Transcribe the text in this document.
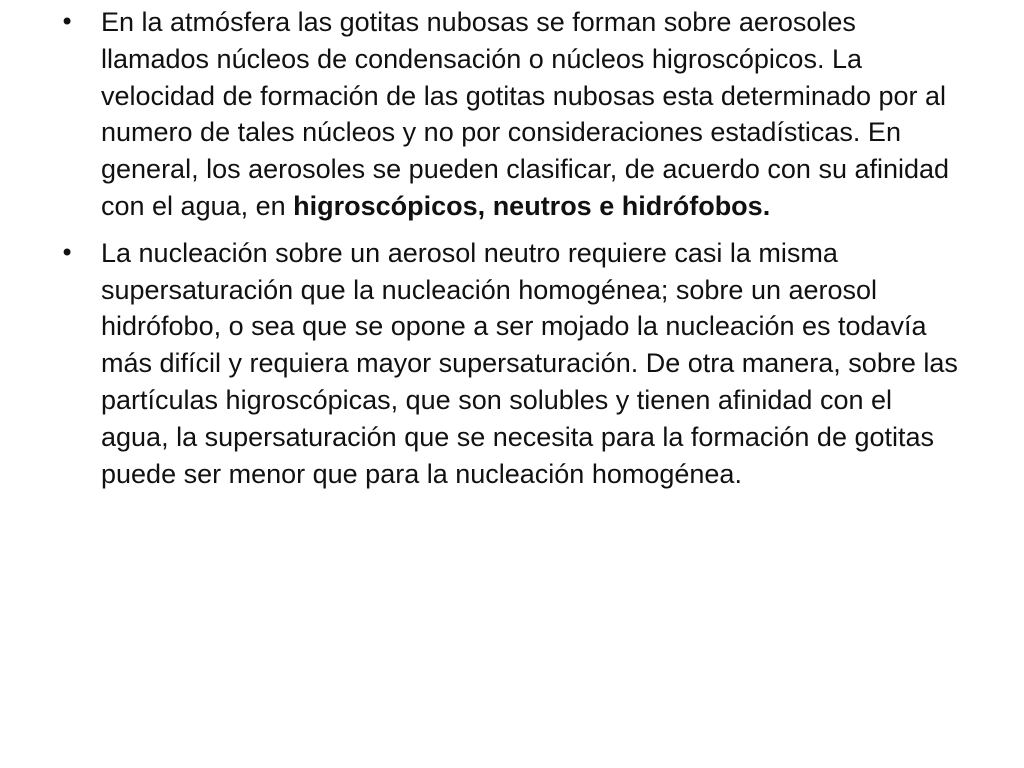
• En la atmósfera las gotitas nubosas se forman sobre aerosoles llamados núcleos de condensación o núcleos higroscópicos. La velocidad de formación de las gotitas nubosas esta determinado por al numero de tales núcleos y no por consideraciones estadísticas. En general, los aerosoles se pueden clasificar, de acuerdo con su afinidad con el agua, en higroscópicos, neutros e hidrófobos.
• La nucleación sobre un aerosol neutro requiere casi la misma supersaturación que la nucleación homogénea; sobre un aerosol hidrófobo, o sea que se opone a ser mojado la nucleación es todavía más difícil y requiera mayor supersaturación. De otra manera, sobre las partículas higroscópicas, que son solubles y tienen afinidad con el agua, la supersaturación que se necesita para la formación de gotitas puede ser menor que para la nucleación homogénea.
